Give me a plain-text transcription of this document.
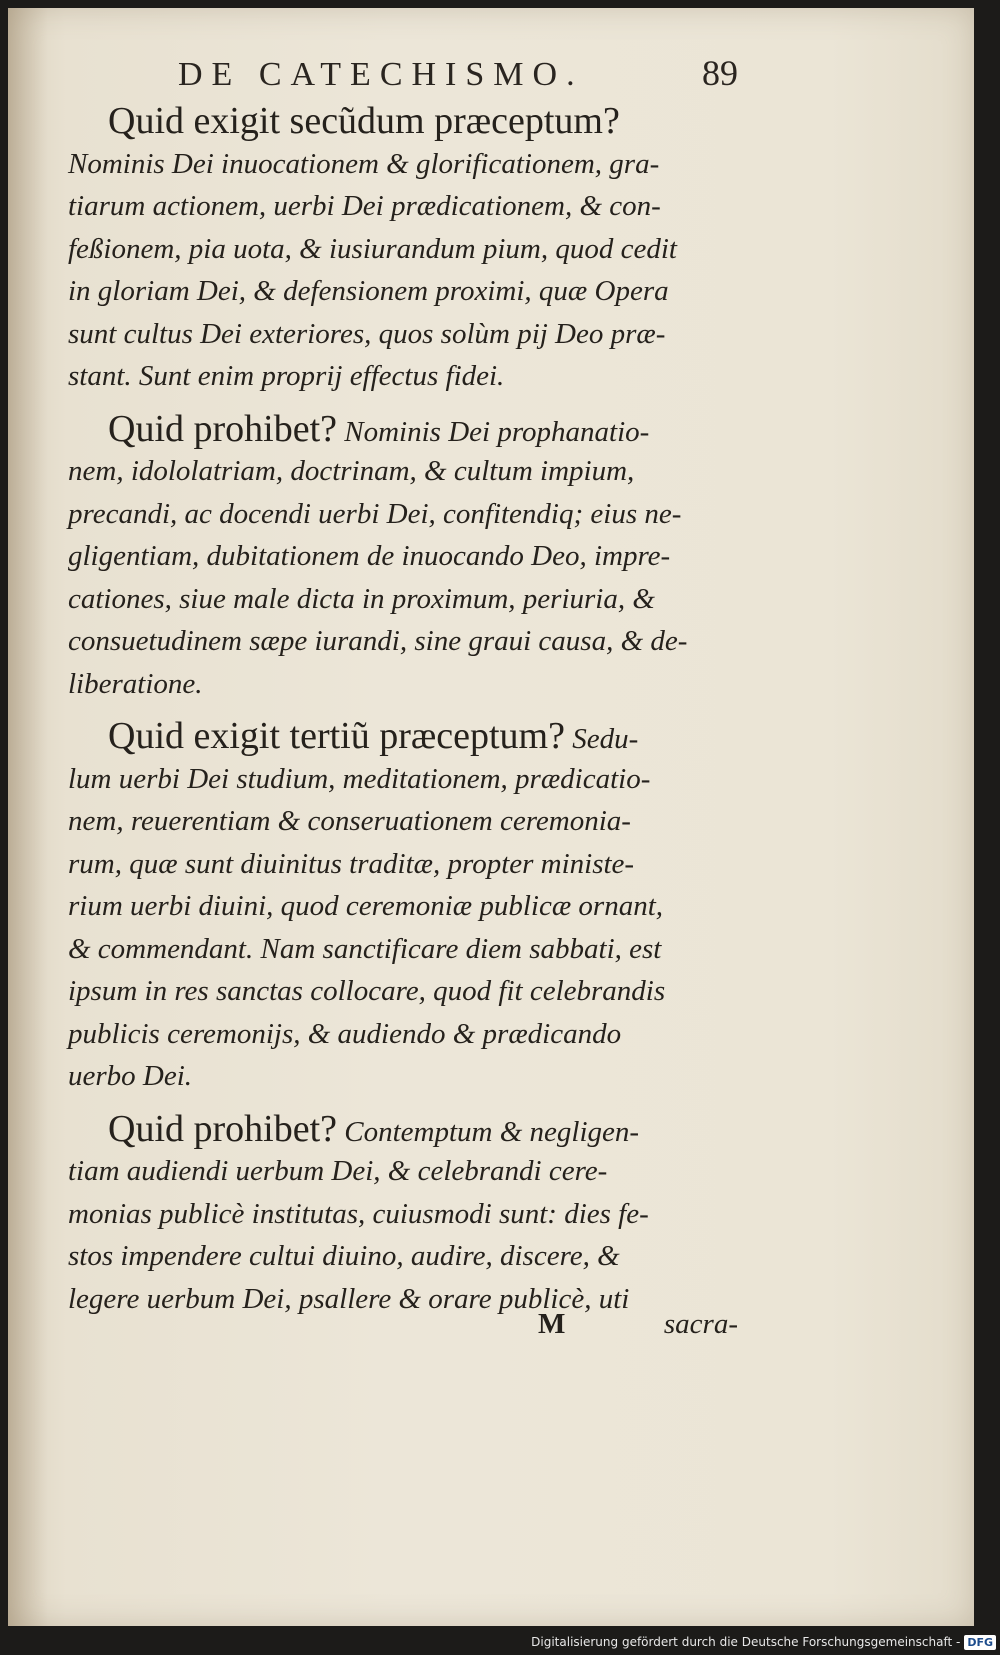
DE CATECHISMO.	89
Quid exigit secũdum præceptum?
Nominis Dei inuocationem & glorificationem, gra-
tiarum actionem, uerbi Dei prædicationem, & con-
feßionem, pia uota, & iusiurandum pium, quod cedit
in gloriam Dei, & defensionem proximi, quæ Opera
sunt cultus Dei exteriores, quos solùm pij Deo præ-
stant. Sunt enim proprij effectus fidei.
Quid prohibet? Nominis Dei prophanatio-
nem, idololatriam, doctrinam, & cultum impium,
precandi, ac docendi uerbi Dei, confitendiq; eius ne-
gligentiam, dubitationem de inuocando Deo, impre-
cationes, siue male dicta in proximum, periuria, &
consuetudinem sæpe iurandi, sine graui causa, & de-
liberatione.
Quid exigit tertiũ præceptum? Sedu-
lum uerbi Dei studium, meditationem, prædicatio-
nem, reuerentiam & conseruationem ceremonia-
rum, quæ sunt diuinitus traditæ, propter ministe-
rium uerbi diuini, quod ceremoniæ publicæ ornant,
& commendant. Nam sanctificare diem sabbati, est
ipsum in res sanctas collocare, quod fit celebrandis
publicis ceremonijs, & audiendo & prædicando
uerbo Dei.
Quid prohibet? Contemptum & negligen-
tiam audiendi uerbum Dei, & celebrandi cere-
monias publicè institutas, cuiusmodi sunt: dies fe-
stos impendere cultui diuino, audire, discere, &
legere uerbum Dei, psallere & orare publicè, uti
M	sacra-
Digitalisierung gefördert durch die Deutsche Forschungsgemeinschaft - DFG
